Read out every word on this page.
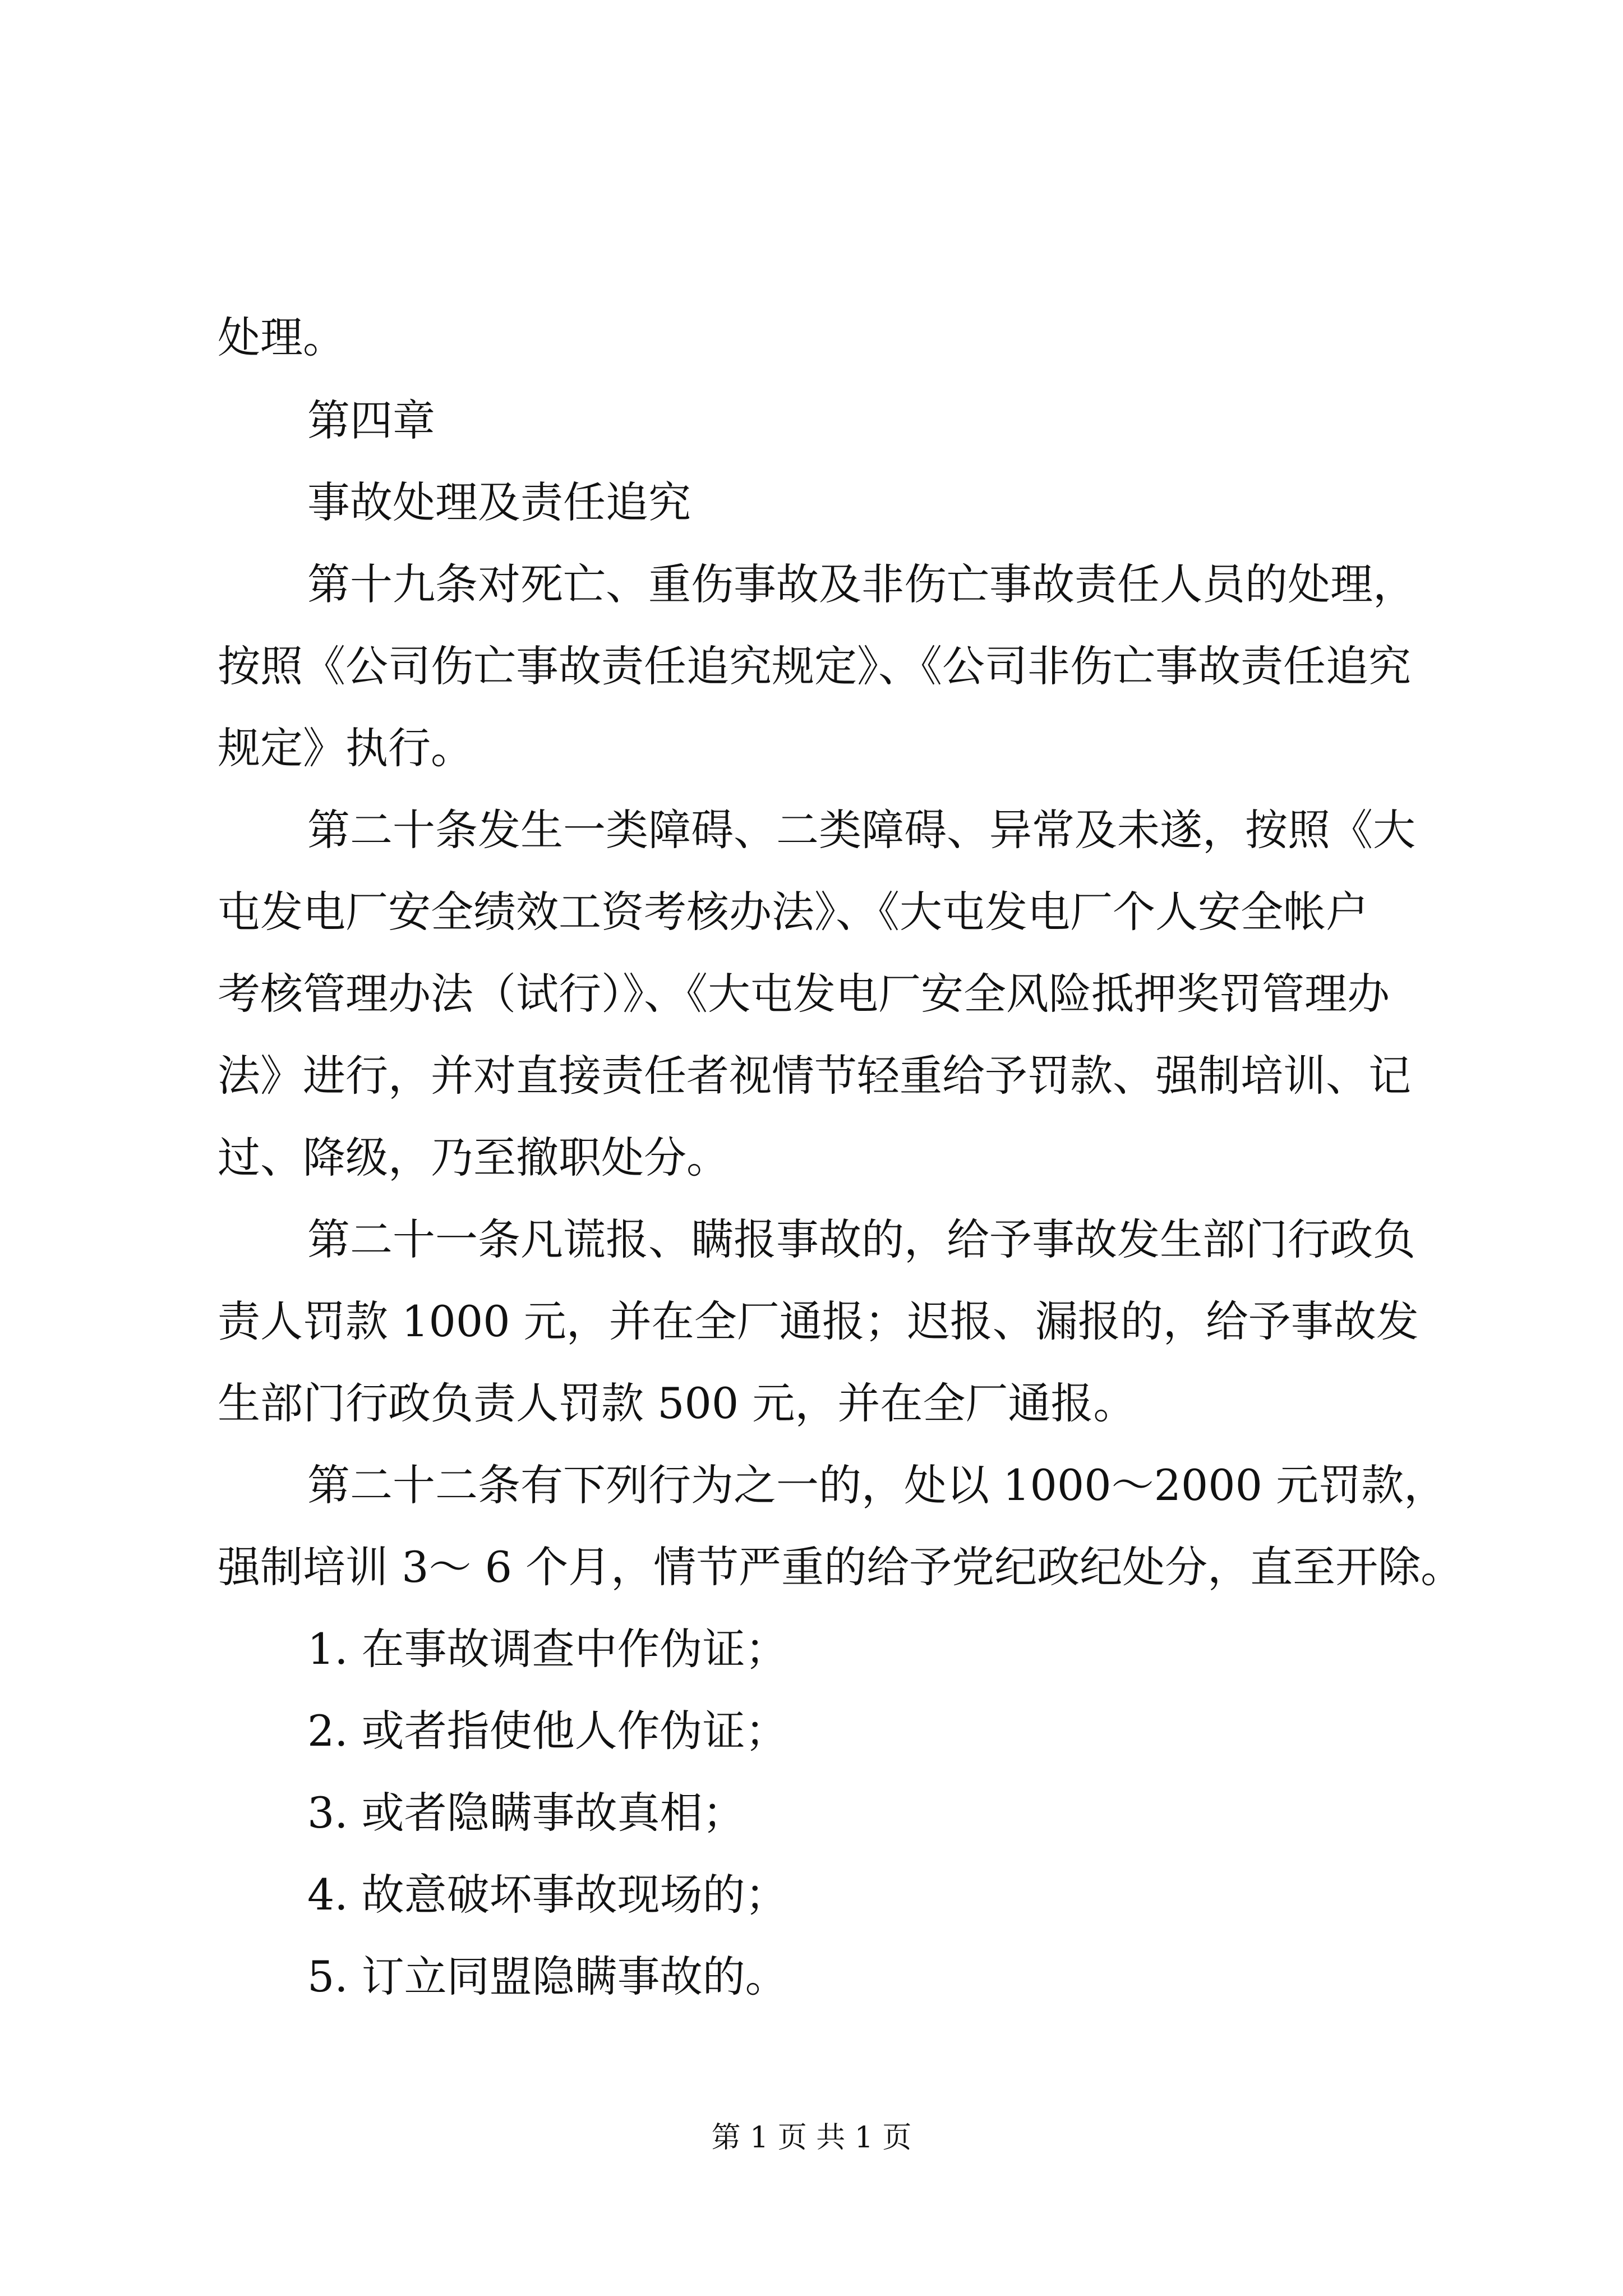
处理。
第四章
事故处理及责任追究
第十九条对死亡、重伤事故及非伤亡事故责任人员的处理，
按照《公司伤亡事故责任追究规定》、《公司非伤亡事故责任追究
规定》执行。
第二十条发生一类障碍、二类障碍、异常及未遂，按照《大
屯发电厂安全绩效工资考核办法》、《大屯发电厂个人安全帐户
考核管理办法（试行）》、《大屯发电厂安全风险抵押奖罚管理办
法》进行，并对直接责任者视情节轻重给予罚款、强制培训、记
过、降级，乃至撤职处分。
第二十一条凡谎报、瞒报事故的，给予事故发生部门行政负
责人罚款 1000 元，并在全厂通报；迟报、漏报的，给予事故发
生部门行政负责人罚款 500 元，并在全厂通报。
第二十二条有下列行为之一的，处以 1000～2000 元罚款，
强制培训 3～ 6 个月，情节严重的给予党纪政纪处分，直至开除。
1. 在事故调查中作伪证；
2. 或者指使他人作伪证；
3. 或者隐瞒事故真相；
4. 故意破坏事故现场的；
5. 订立同盟隐瞒事故的。
第 1 页 共 1 页
